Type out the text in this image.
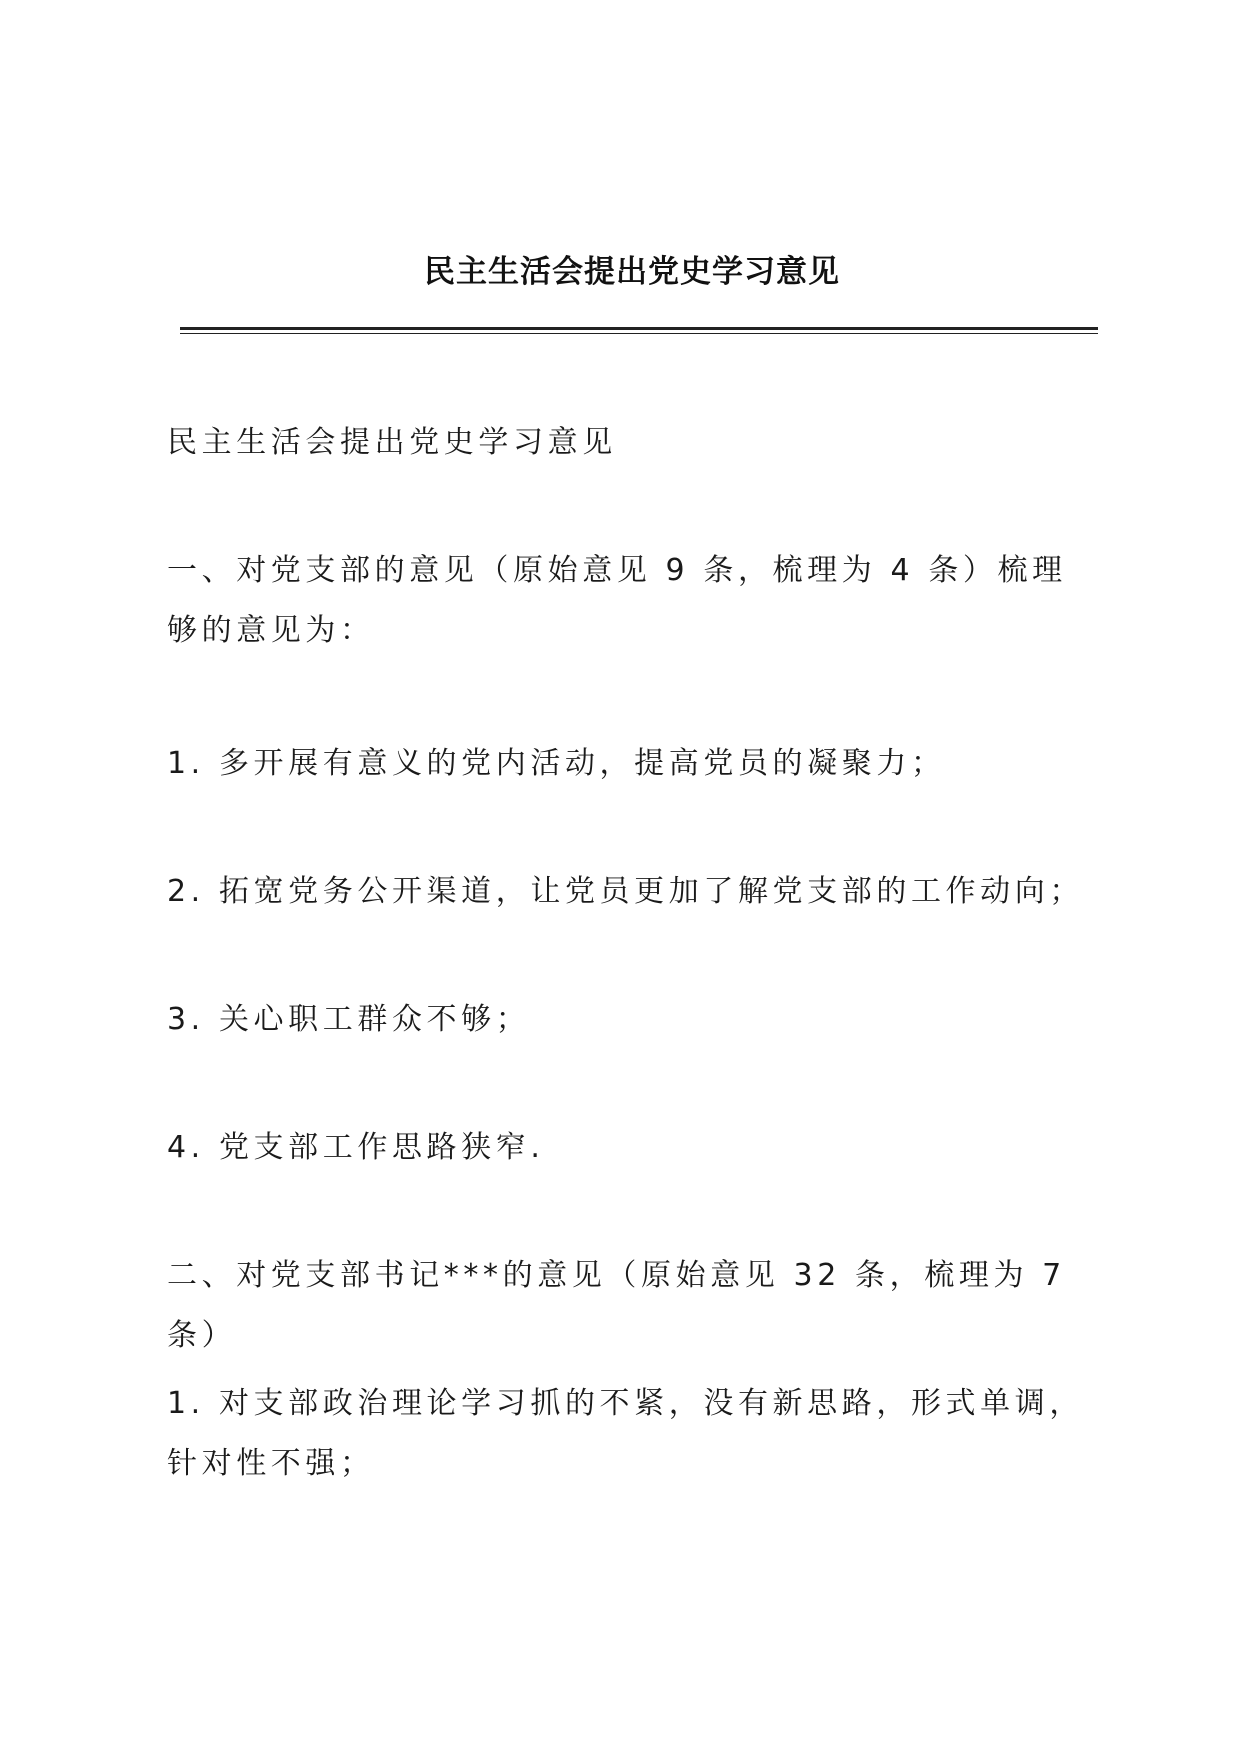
民主生活会提出党史学习意见

民主生活会提出党史学习意见

一、对党支部的意见（原始意见 9 条，梳理为 4 条）梳理够的意见为：

1. 多开展有意义的党内活动，提高党员的凝聚力；

2. 拓宽党务公开渠道，让党员更加了解党支部的工作动向；

3. 关心职工群众不够；

4. 党支部工作思路狭窄.

二、对党支部书记***的意见（原始意见 32 条，梳理为 7 条）

1. 对支部政治理论学习抓的不紧，没有新思路，形式单调，针对性不强；
